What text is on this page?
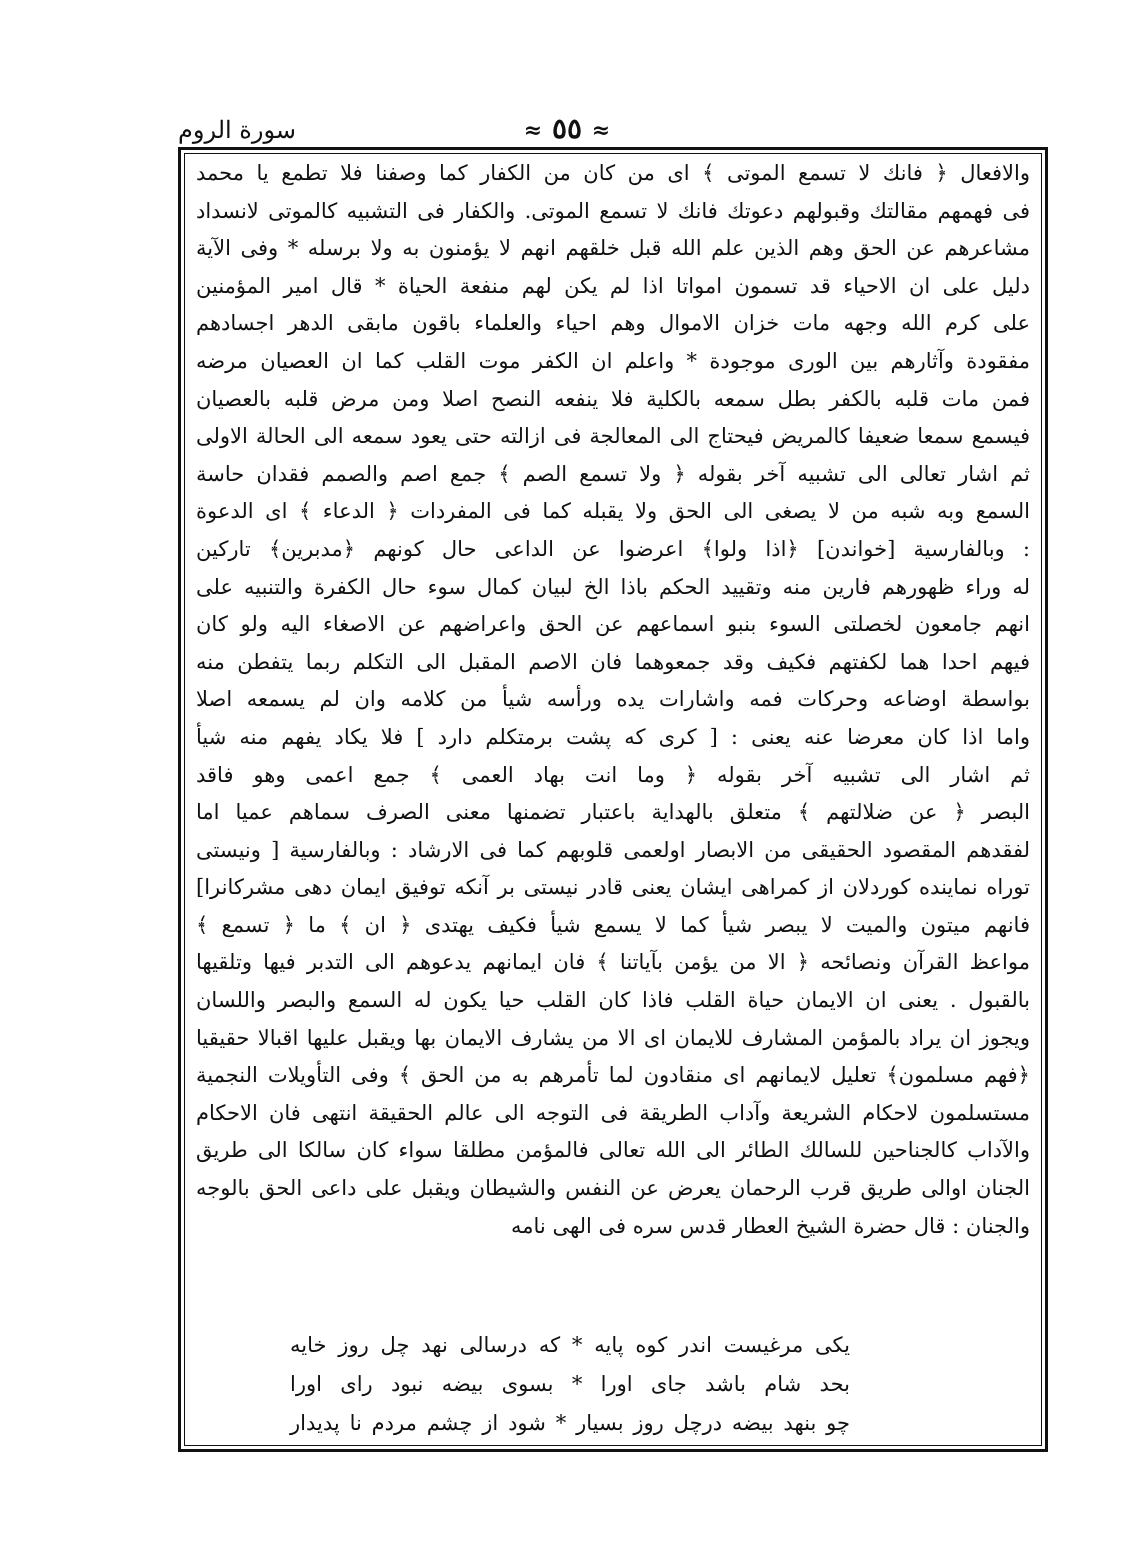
سورة الروم	≈ ٥٥ ≈
والافعال ﴿ فانك لا تسمع الموتى ﴾ اى من كان من الكفار كما وصفنا فلا تطمع يا محمد
فى فهمهم مقالتك وقبولهم دعوتك فانك لا تسمع الموتى. والكفار فى التشبيه كالموتى لانسداد
مشاعرهم عن الحق وهم الذين علم الله قبل خلقهم انهم لا يؤمنون به ولا برسله * وفى الآية
دليل على ان الاحياء قد تسمون امواتا اذا لم يكن لهم منفعة الحياة * قال امير المؤمنين
على كرم الله وجهه مات خزان الاموال وهم احياء والعلماء باقون مابقى الدهر اجسادهم
مفقودة وآثارهم بين الورى موجودة * واعلم ان الكفر موت القلب كما ان العصيان مرضه
فمن مات قلبه بالكفر بطل سمعه بالكلية فلا ينفعه النصح اصلا ومن مرض قلبه بالعصيان
فيسمع سمعا ضعيفا كالمريض فيحتاج الى المعالجة فى ازالته حتى يعود سمعه الى الحالة الاولى
ثم اشار تعالى الى تشبيه آخر بقوله ﴿ ولا تسمع الصم ﴾ جمع اصم والصمم فقدان حاسة
السمع وبه شبه من لا يصغى الى الحق ولا يقبله كما فى المفردات ﴿ الدعاء ﴾ اى الدعوة
: وبالفارسية [خواندن] ﴿اذا ولوا﴾ اعرضوا عن الداعى حال كونهم ﴿مدبرين﴾ تاركين
له وراء ظهورهم فارين منه وتقييد الحكم باذا الخ لبيان كمال سوء حال الكفرة والتنبيه على
انهم جامعون لخصلتى السوء بنبو اسماعهم عن الحق واعراضهم عن الاصغاء اليه ولو كان
فيهم احدا هما لكفتهم فكيف وقد جمعوهما فان الاصم المقبل الى التكلم ربما يتفطن منه
بواسطة اوضاعه وحركات فمه واشارات يده ورأسه شيأ من كلامه وان لم يسمعه اصلا
واما اذا كان معرضا عنه يعنى : [ كرى كه پشت برمتكلم دارد ] فلا يكاد يفهم منه شيأ
ثم اشار الى تشبيه آخر بقوله ﴿ وما انت بهاد العمى ﴾ جمع اعمى وهو فاقد
البصر ﴿ عن ضلالتهم ﴾ متعلق بالهداية باعتبار تضمنها معنى الصرف سماهم عميا اما
لفقدهم المقصود الحقيقى من الابصار اولعمى قلوبهم كما فى الارشاد : وبالفارسية [ ونيستى
توراه نماينده كوردلان از كمراهى ايشان يعنى قادر نيستى بر آنكه توفيق ايمان دهى مشركانرا]
فانهم ميتون والميت لا يبصر شيأ كما لا يسمع شيأ فكيف يهتدى ﴿ ان ﴾ ما ﴿ تسمع ﴾
مواعظ القرآن ونصائحه ﴿ الا من يؤمن بآياتنا ﴾ فان ايمانهم يدعوهم الى التدبر فيها وتلقيها
بالقبول . يعنى ان الايمان حياة القلب فاذا كان القلب حيا يكون له السمع والبصر واللسان
ويجوز ان يراد بالمؤمن المشارف للايمان اى الا من يشارف الايمان بها ويقبل عليها اقبالا حقيقيا
﴿فهم مسلمون﴾ تعليل لايمانهم اى منقادون لما تأمرهم به من الحق ﴾ وفى التأويلات النجمية
مستسلمون لاحكام الشريعة وآداب الطريقة فى التوجه الى عالم الحقيقة انتهى فان الاحكام
والآداب كالجناحين للسالك الطائر الى الله تعالى فالمؤمن مطلقا سواء كان سالكا الى طريق
الجنان اوالى طريق قرب الرحمان يعرض عن النفس والشيطان ويقبل على داعى الحق بالوجه
والجنان : قال حضرة الشيخ العطار قدس سره فى الهى نامه
يكى مرغيست اندر كوه پايه * كه درسالى نهد چل روز خايه
بحد شام باشد جاى اورا * بسوى بيضه نبود راى اورا
چو بنهد بيضه درچل روز بسيار * شود از چشم مردم نا پديدار
